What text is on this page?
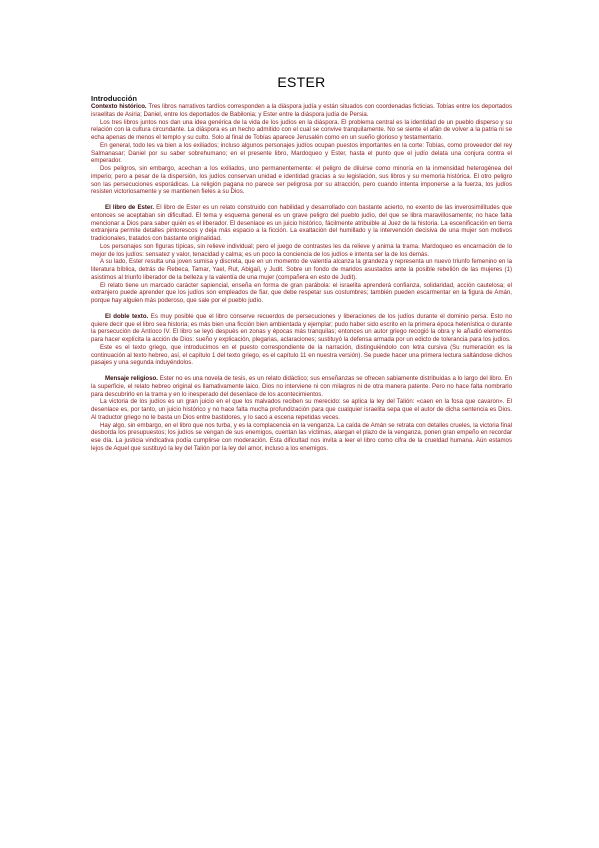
ESTER
Introducción

Contexto histórico. Tres libros narrativos tardíos corresponden a la diáspora judía y están situados con coordenadas ficticias. Tobías entre los deportados israelitas de Asiria; Daniel, entre los deportados de Babilonia; y Ester entre la diáspora judía de Persia.

Los tres libros juntos nos dan una idea genérica de la vida de los judíos en la diáspora. El problema central es la identidad de un pueblo disperso y su relación con la cultura circundante. La diáspora es un hecho admitido con el cual se convive tranquilamente. No se siente el afán de volver a la patria ni se echa apenas de menos el templo y su culto. Solo al final de Tobías aparece Jerusalén como en un sueño glorioso y testamentario.

En general, todo les va bien a los exiliados; incluso algunos personajes judíos ocupan puestos importantes en la corte: Tobías, como proveedor del rey Salmanasar; Daniel por su saber sobrehumano; en el presente libro, Mardoqueo y Ester, hasta el punto que el judío delata una conjura contra el emperador.

Dos peligros, sin embargo, acechan a los exiliados, uno permanentemente: el peligro de diluirse como minoría en la inmensidad heterogénea del imperio; pero a pesar de la dispersión, los judíos conservan unidad e identidad gracias a su legislación, sus libros y su memoria histórica. El otro peligro son las persecuciones esporádicas. La religión pagana no parece ser peligrosa por su atracción, pero cuando intenta imponerse a la fuerza, los judíos resisten victoriosamente y se mantienen fieles a su Dios.

El libro de Ester. El libro de Ester es un relato construido con habilidad y desarrollado con bastante acierto, no exento de las inverosimilitudes que entonces se aceptaban sin dificultad. El tema y esquema general es un grave peligro del pueblo judío, del que se libra maravillosamente; no hace falta mencionar a Dios para saber quién es el liberador. El desenlace es un juicio histórico, fácilmente atribuible al Juez de la historia. La escenificación en tierra extranjera permite detalles pintorescos y deja más espacio a la ficción. La exaltación del humillado y la intervención decisiva de una mujer son motivos tradicionales, tratados con bastante originalidad.

Los personajes son figuras típicas, sin relieve individual; pero el juego de contrastes les da relieve y anima la trama. Mardoqueo es encarnación de lo mejor de los judíos: sensatez y valor, tenacidad y calma; es un poco la conciencia de los judíos e intenta ser la de los demás.

A su lado, Ester resulta una joven sumisa y discreta, que en un momento de valentía alcanza la grandeza y representa un nuevo triunfo femenino en la literatura bíblica, detrás de Rebeca, Tamar, Yael, Rut, Abigaíl, y Judit. Sobre un fondo de maridos asustados ante la posible rebelión de las mujeres (1) asistimos al triunfo liberador de la belleza y la valentía de una mujer (compañera en esto de Judit).

El relato tiene un marcado carácter sapiencial, enseña en forma de gran parábola: el israelita aprenderá confianza, solidaridad, acción cautelosa; el extranjero puede aprender que los judíos son empleados de fiar, que debe respetar sus costumbres; también pueden escarmentar en la figura de Amán, porque hay alguien más poderoso, que sale por el pueblo judío.

El doble texto. Es muy posible que el libro conserve recuerdos de persecuciones y liberaciones de los judíos durante el dominio persa. Esto no quiere decir que el libro sea historia; es más bien una ficción bien ambientada y ejemplar; pudo haber sido escrito en la primera época helenística o durante la persecución de Antíoco IV. El libro se leyó despuès en zonas y épocas más tranquilas; entonces un autor griego recogió la obra y le añadió elementos para hacer explícita la acción de Dios: sueño y explicación, plegarias, aclaraciones; sustituyó la defensa armada por un edicto de tolerancia para los judíos.

Este es el texto griego, que introducimos en el puesto correspondiente de la narración, distinguiéndolo con letra cursiva (Su numeración es la continuación al texto hebreo, así, el capítulo 1 del texto griego, es el capítulo 11 en nuestra versión). Se puede hacer una primera lectura saltándose dichos pasajes y una segunda induyéndolos.

Mensaje religioso. Ester no es una novela de tesis, es un relato didáctico; sus enseñanzas se ofrecen sabiamente distribuidas a lo largo del libro. En la superficie, el relato hebreo original es llamativamente laico. Dios no interviene ni con milagros ni de otra manera patente. Pero no hace falta nombrarlo para descubrirlo en la trama y en lo inesperado del desenlace de los acontecimientos.

La victoria de los judíos es un gran juicio en el que los malvados reciben su merecido: se aplica la ley del Talión: «caen en la fosa que cavaron». El desenlace es, por tanto, un juicio histórico y no hace falta mucha profundización para que cualquier israelita sepa que el autor de dicha sentencia es Dios. Al traductor griego no le basta un Dios entre bastidores, y lo sacó a escena repetidas veces.

Hay algo, sin embargo, en el libro que nos turba, y es la complacencia en la venganza. La caída de Amán se retrata con detalles crueles, la victoria final desborda los presupuestos; los judíos se vengan de sus enemigos, cuentan las víctimas, alargan el plazo de la venganza, ponen gran empeño en recordar ese día. La justicia vindicativa podía cumplirse con moderación. Esta dificultad nos invita a leer el libro como cifra de la crueldad humana. Aún estamos lejos de Aquel que sustituyó la ley del Talión por la ley del amor, incluso a los enemigos.
